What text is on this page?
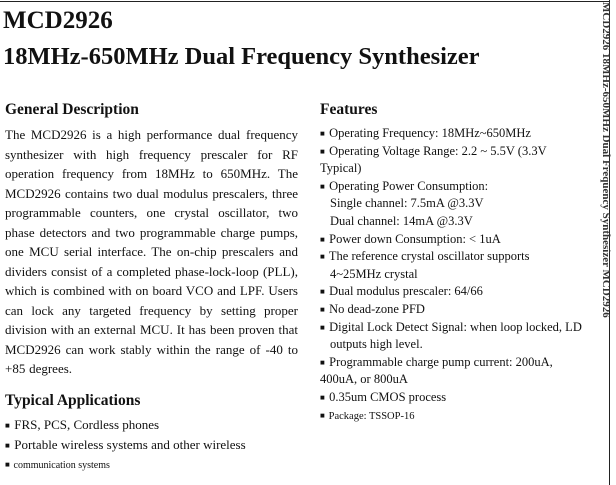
MCD2926 18MHz-650MHz Dual Frequency Synthesizer MCD2926
MCD2926
18MHz-650MHz Dual Frequency Synthesizer
General Description

The MCD2926 is a high performance dual frequency synthesizer with high frequency prescaler for RF operation frequency from 18MHz to 650MHz. The MCD2926 contains two dual modulus prescalers, three programmable counters, one crystal oscillator, two phase detectors and two programmable charge pumps, one MCU serial interface. The on-chip prescalers and dividers consist of a completed phase-lock-loop (PLL), which is combined with on board VCO and LPF. Users can lock any targeted frequency by setting proper division with an external MCU. It has been proven that MCD2926 can work stably within the range of -40 to +85 degrees.

Typical Applications
■ FRS, PCS, Cordless phones
■ Portable wireless systems and other wireless
■ communication systems
Features
■ Operating Frequency: 18MHz~650MHz
■ Operating Voltage Range: 2.2 ~ 5.5V (3.3V
Typical)
■ Operating Power Consumption:
Single channel: 7.5mA @3.3V
Dual channel: 14mA @3.3V
■ Power down Consumption: < 1uA
■ The reference crystal oscillator supports
4~25MHz crystal
■ Dual modulus prescaler: 64/66
■ No dead-zone PFD
■ Digital Lock Detect Signal: when loop locked, LD
outputs high level.
■ Programmable charge pump current: 200uA,
400uA, or 800uA
■ 0.35um CMOS process
■ Package: TSSOP-16
